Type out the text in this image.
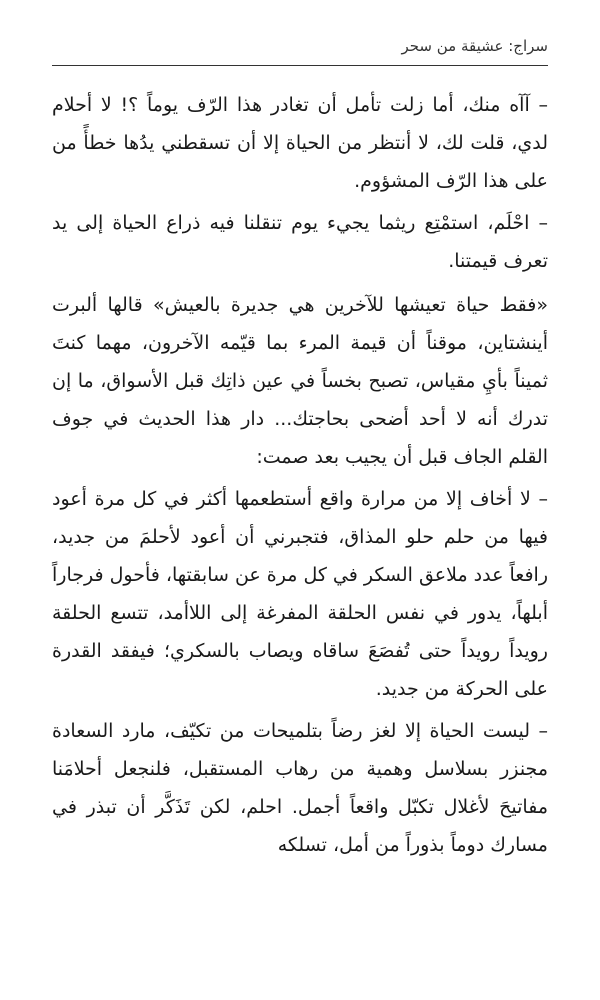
سراج: عشيقة من سحر

– آآه منك، أما زلت تأمل أن تغادر هذا الرّف يوماً ؟! لا أحلام لدي، قلت لك، لا أنتظر من الحياة إلا أن تسقطني يدُها خطأً من على هذا الرّف المشؤوم.

– احْلَم، استمْتِع ريثما يجيء يوم تنقلنا فيه ذراع الحياة إلى يد تعرف قيمتنا.

«فقط حياة تعيشها للآخرين هي جديرة بالعيش» قالها ألبرت أينشتاين، موقناً أن قيمة المرء بما قيّمه الآخرون، مهما كنتَ ثميناً بأيِ مقياس، تصبح بخساً في عين ذاتِك قبل الأسواق، ما إن تدرك أنه لا أحد أضحى بحاجتك... دار هذا الحديث في جوف القلم الجاف قبل أن يجيب بعد صمت:

– لا أخاف إلا من مرارة واقع أستطعمها أكثر في كل مرة أعود فيها من حلم حلو المذاق، فتجبرني أن أعود لأحلمَ من جديد، رافعاً عدد ملاعق السكر في كل مرة عن سابقتها، فأحول فرجاراً أبلهاً، يدور في نفس الحلقة المفرغة إلى اللاأمد، تتسع الحلقة رويداً رويداً حتى تُفصَعَ ساقاه ويصاب بالسكري؛ فيفقد القدرة على الحركة من جديد.

– ليست الحياة إلا لغز رضاً بتلميحات من تكيّف، مارد السعادة مجنزر بسلاسل وهمية من رهاب المستقبل، فلنجعل أحلامَنا مفاتيحَ لأغلال تكبّل واقعاً أجمل. احلم، لكن تَذَكَّر أن تبذر في مسارك دوماً بذوراً من أمل، تسلكه
